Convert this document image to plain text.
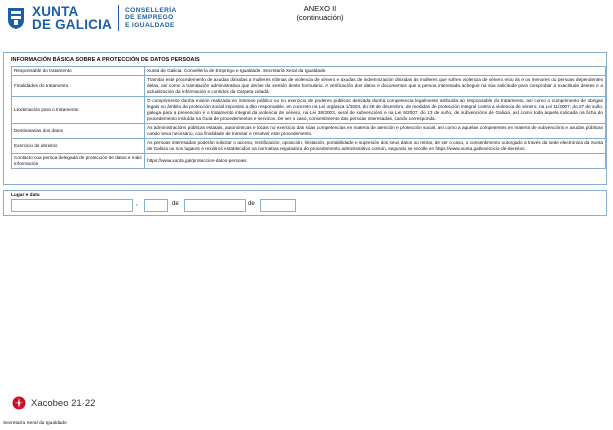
XUNTA
DE GALICIA
CONSELLERÍA
DE EMPREGO
E IGUALDADE
ANEXO II
(continuación)
INFORMACIÓN BÁSICA SOBRE A PROTECCIÓN DE DATOS PERSOAIS
Responsable do tratamento	Xunta de Galicia. Consellería de Emprego e Igualdade. Secretaría Xeral da Igualdade.
Finalidades do tratamento	Tramitar este procedemento de axudas dirixidas a mulleres vítimas de violencia de xénero e axudas de indemnización dirixidas ás mulleres que sofren violencia de xénero e/ou ás e os menores ou persoas dependentes delas, así como a tramitación administrativa que derive da xestión deste formulario. A verificación dos datos e documentos que a persoa interesada achegue na súa solicitude para comprobar a exactitude destes e a actualización da información e contidos da Carpeta cidadá.
Lexitimación para o tratamento	O cumprimento dunha misión realizada en interese público ou no exercicio de poderes públicos derivada dunha competencia legalmente atribuída ao responsable do tratamento, así como o cumprimento de obrigas legais no ámbito da protección social impostas a dito responsable, en concreto na Lei orgánica 1/2004, do 28 de decembro, de medidas de protección integral contra a violencia de xénero, na Lei 11/2007, do 27 de xullo, galega para a prevención e o tratamento integral da violencia de xénero, na Lei 38/2003, xeral de subvencións e na Lei 9/2007, do 13 de xuño, de subvencións de Galicia, así como toda aquela indicada na ficha do procedemento incluída na Guía de procedementos e servizos. De ser o caso, consentimento das persoas interesadas, cando corresponda.
Destinatarias dos datos	As administracións públicas estatais, autonómicas e locais no exercicio das súas competencias en materia de atención e protección social, así como a aquelas competentes en materia de subvencións e axudas públicas cando sexa necesario, coa finalidade de tramitar e resolver este procedemento.
Exercicio de dereitos	As persoas interesadas poderán solicitar o acceso, rectificación, oposición, limitación, portabilidade e supresión dos seus datos ou retirar, de ser o caso, o consentimento outorgado a través da sede electrónica da Xunta de Galicia ou nos lugares e rexistros establecidos na normativa reguladora do procedemento administrativo común, segundo se recolle en https://www.xunta.gal/exercicio-de-dereitos
Contacto coa persoa delegada de protección de datos e máis información	https://www.xunta.gal/proteccion-datos-persoais
Lugar e data
,	de	de
Xacobeo 21·22
Secretaría Xeral da Igualdade
